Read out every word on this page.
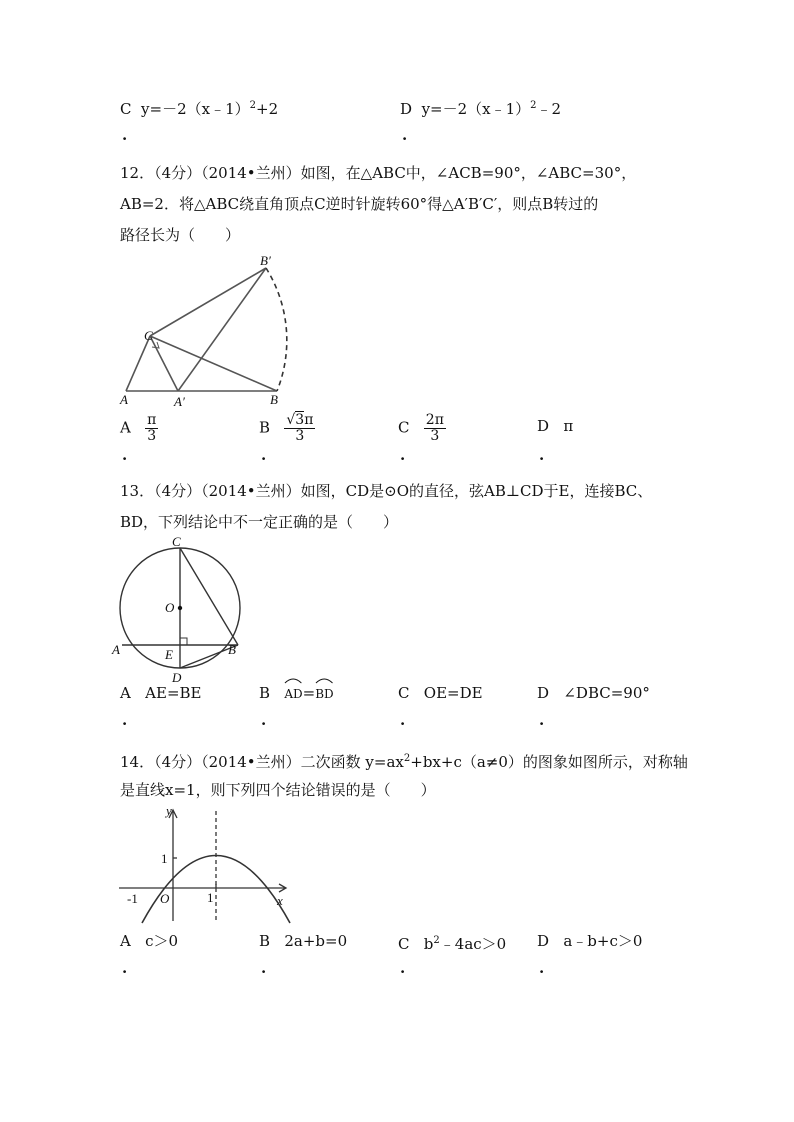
C y=－2（x﹣1）$^2$+2
.
D y=－2（x﹣1）$^2$﹣2
.
12．（4分）（2014•兰州）如图，在△ABC中，∠ACB=90°，∠ABC=30°，
AB=2．将△ABC绕直角顶点C逆时针旋转60°得△A′B′C′，则点B转过的
路径长为（　　）
B′
C
A	A′	B
A $\frac{\pi}{3}$
.
B $\frac{√3\pi}{3}$
.
C $\frac{2\pi}{3}$
.
D π
.
13．（4分）（2014•兰州）如图，CD是⊙O的直径，弦AB⊥CD于E，连接BC、
BD，下列结论中不一定正确的是（　　）
C
O
A	E	B
D
A AE=BE
.
B AD=
BD
.
C OE=DE
.
D ∠DBC=90°
.
14．（4分）（2014•兰州）二次函数 $y=ax^2+bx+c(a\ne 0)$的图象如图所示，对称轴
是直线x=1，则下列四个结论错误的是（　　）
y
x
1
-1 O	1
A c＞0
.
B 2a+b=0
.
C $b^2﹣4ac>0$
.
D a﹣b+c＞0
.
